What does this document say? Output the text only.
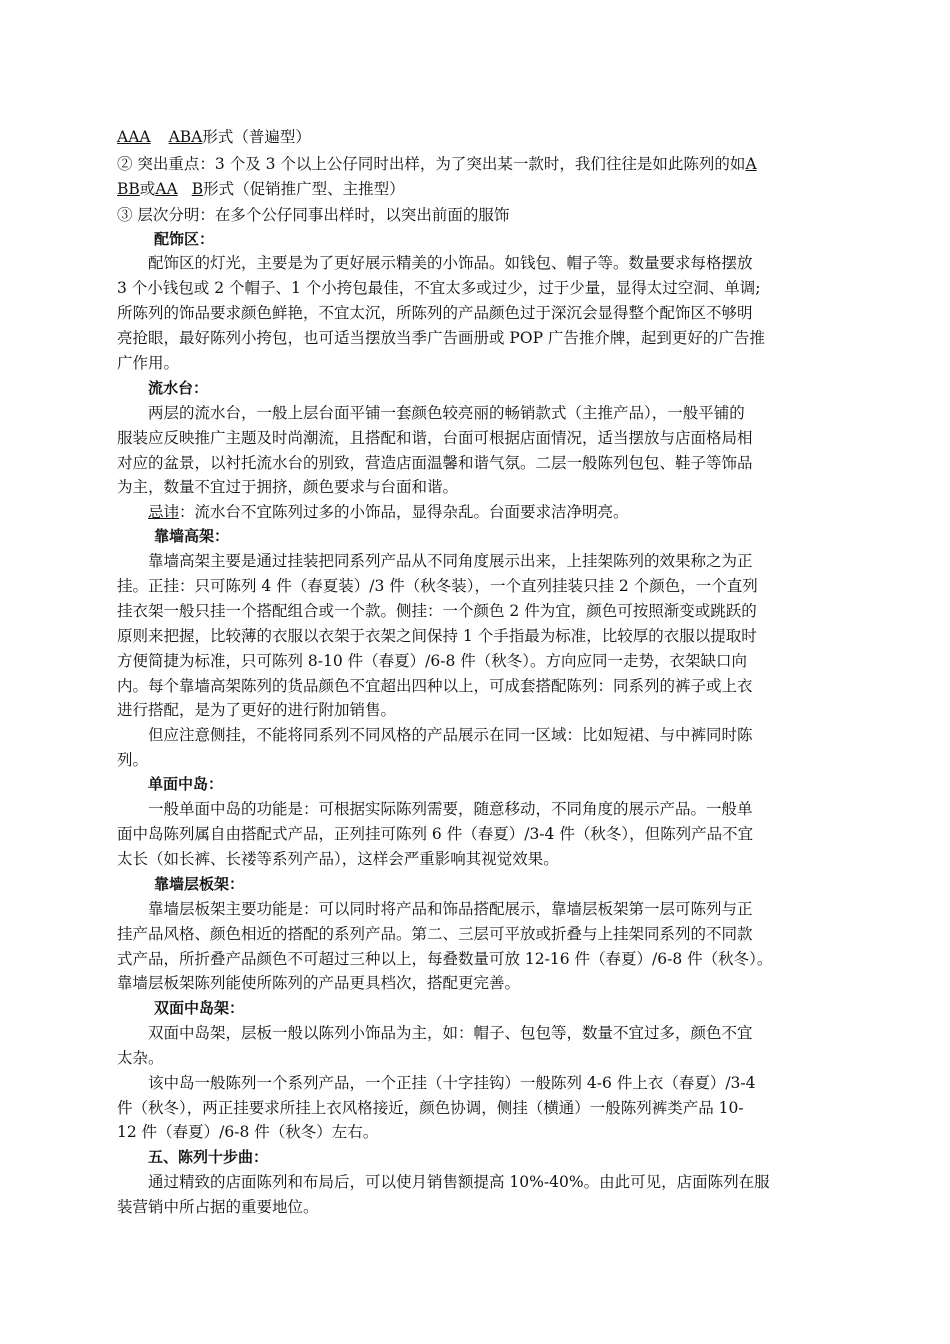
AAA ABA形式（普遍型）
② 突出重点：3 个及 3 个以上公仔同时出样，为了突出某一款时，我们往往是如此陈列的如A
BB或AA B形式（促销推广型、主推型）
③ 层次分明：在多个公仔同事出样时，以突出前面的服饰
配饰区：
配饰区的灯光，主要是为了更好展示精美的小饰品。如钱包、帽子等。数量要求每格摆放
3 个小钱包或 2 个帽子、1 个小挎包最佳，不宜太多或过少，过于少量，显得太过空洞、单调;
所陈列的饰品要求颜色鲜艳，不宜太沉，所陈列的产品颜色过于深沉会显得整个配饰区不够明
亮抢眼，最好陈列小挎包，也可适当摆放当季广告画册或 POP 广告推介牌，起到更好的广告推
广作用。
流水台：
两层的流水台，一般上层台面平铺一套颜色较亮丽的畅销款式（主推产品），一般平铺的
服装应反映推广主题及时尚潮流，且搭配和谐，台面可根据店面情况，适当摆放与店面格局相
对应的盆景，以衬托流水台的别致，营造店面温馨和谐气氛。二层一般陈列包包、鞋子等饰品
为主，数量不宜过于拥挤，颜色要求与台面和谐。
忌讳：流水台不宜陈列过多的小饰品，显得杂乱。台面要求洁净明亮。
靠墙高架：
靠墙高架主要是通过挂装把同系列产品从不同角度展示出来，上挂架陈列的效果称之为正
挂。正挂：只可陈列 4 件（春夏装）/3 件（秋冬装），一个直列挂装只挂 2 个颜色，一个直列
挂衣架一般只挂一个搭配组合或一个款。侧挂：一个颜色 2 件为宜，颜色可按照渐变或跳跃的
原则来把握，比较薄的衣服以衣架于衣架之间保持 1 个手指最为标准，比较厚的衣服以提取时
方便简捷为标准，只可陈列 8-10 件（春夏）/6-8 件（秋冬）。方向应同一走势，衣架缺口向
内。每个靠墙高架陈列的货品颜色不宜超出四种以上，可成套搭配陈列：同系列的裤子或上衣
进行搭配，是为了更好的进行附加销售。
但应注意侧挂，不能将同系列不同风格的产品展示在同一区域：比如短裙、与中裤同时陈
列。
单面中岛：
一般单面中岛的功能是：可根据实际陈列需要，随意移动，不同角度的展示产品。一般单
面中岛陈列属自由搭配式产品，正列挂可陈列 6 件（春夏）/3-4 件（秋冬），但陈列产品不宜
太长（如长裤、长褛等系列产品），这样会严重影响其视觉效果。
靠墙层板架：
靠墙层板架主要功能是：可以同时将产品和饰品搭配展示，靠墙层板架第一层可陈列与正
挂产品风格、颜色相近的搭配的系列产品。第二、三层可平放或折叠与上挂架同系列的不同款
式产品，所折叠产品颜色不可超过三种以上，每叠数量可放 12-16 件（春夏）/6-8 件（秋冬）。
靠墙层板架陈列能使所陈列的产品更具档次，搭配更完善。
双面中岛架：
双面中岛架，层板一般以陈列小饰品为主，如：帽子、包包等，数量不宜过多，颜色不宜
太杂。
该中岛一般陈列一个系列产品，一个正挂（十字挂钩）一般陈列 4-6 件上衣（春夏）/3-4
件（秋冬），两正挂要求所挂上衣风格接近，颜色协调，侧挂（横通）一般陈列裤类产品 10-
12 件（春夏）/6-8 件（秋冬）左右。
五、陈列十步曲：
通过精致的店面陈列和布局后，可以使月销售额提高 10%-40%。由此可见，店面陈列在服
装营销中所占据的重要地位。
